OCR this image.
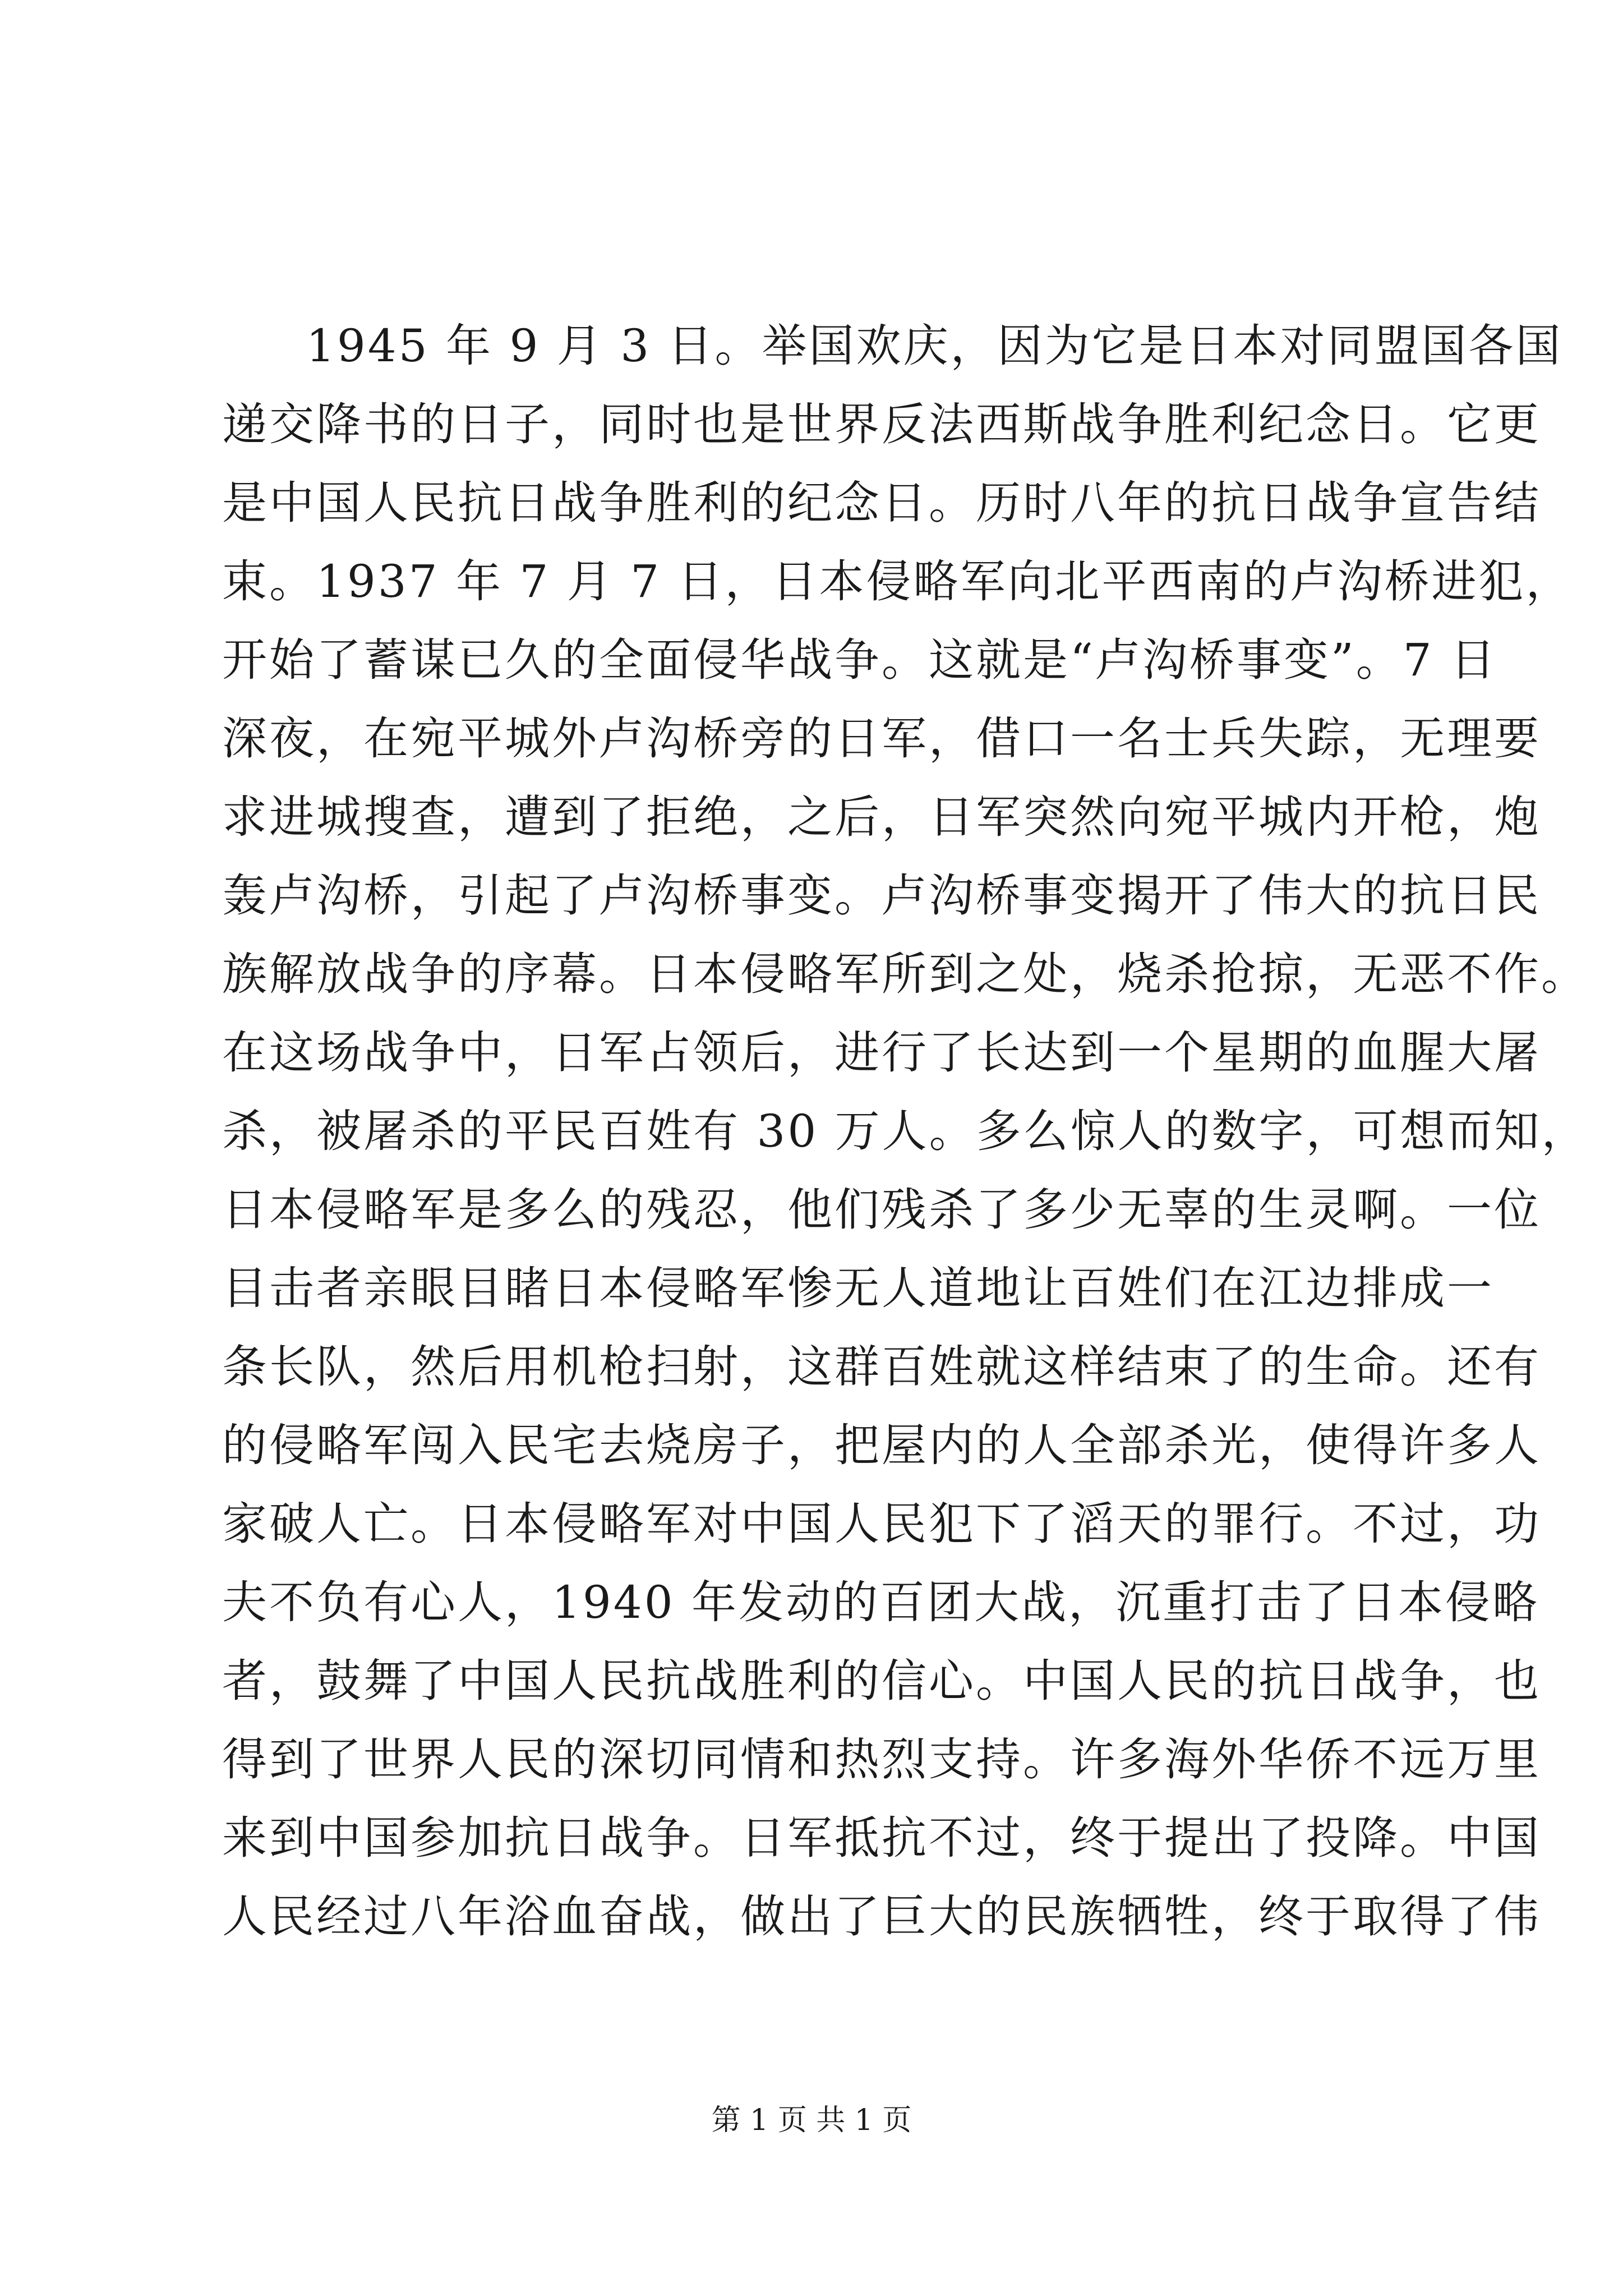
1945 年 9 月 3 日。举国欢庆，因为它是日本对同盟国各国
递交降书的日子，同时也是世界反法西斯战争胜利纪念日。它更
是中国人民抗日战争胜利的纪念日。历时八年的抗日战争宣告结
束。1937 年 7 月 7 日，日本侵略军向北平西南的卢沟桥进犯，
开始了蓄谋已久的全面侵华战争。这就是“卢沟桥事变”。7 日
深夜，在宛平城外卢沟桥旁的日军，借口一名士兵失踪，无理要
求进城搜查，遭到了拒绝，之后，日军突然向宛平城内开枪，炮
轰卢沟桥，引起了卢沟桥事变。卢沟桥事变揭开了伟大的抗日民
族解放战争的序幕。日本侵略军所到之处，烧杀抢掠，无恶不作。
在这场战争中，日军占领后，进行了长达到一个星期的血腥大屠
杀，被屠杀的平民百姓有 30 万人。多么惊人的数字，可想而知，
日本侵略军是多么的残忍，他们残杀了多少无辜的生灵啊。一位
目击者亲眼目睹日本侵略军惨无人道地让百姓们在江边排成一
条长队，然后用机枪扫射，这群百姓就这样结束了的生命。还有
的侵略军闯入民宅去烧房子，把屋内的人全部杀光，使得许多人
家破人亡。日本侵略军对中国人民犯下了滔天的罪行。不过，功
夫不负有心人，1940 年发动的百团大战，沉重打击了日本侵略
者，鼓舞了中国人民抗战胜利的信心。中国人民的抗日战争，也
得到了世界人民的深切同情和热烈支持。许多海外华侨不远万里
来到中国参加抗日战争。日军抵抗不过，终于提出了投降。中国
人民经过八年浴血奋战，做出了巨大的民族牺牲，终于取得了伟
第 1 页 共 1 页
